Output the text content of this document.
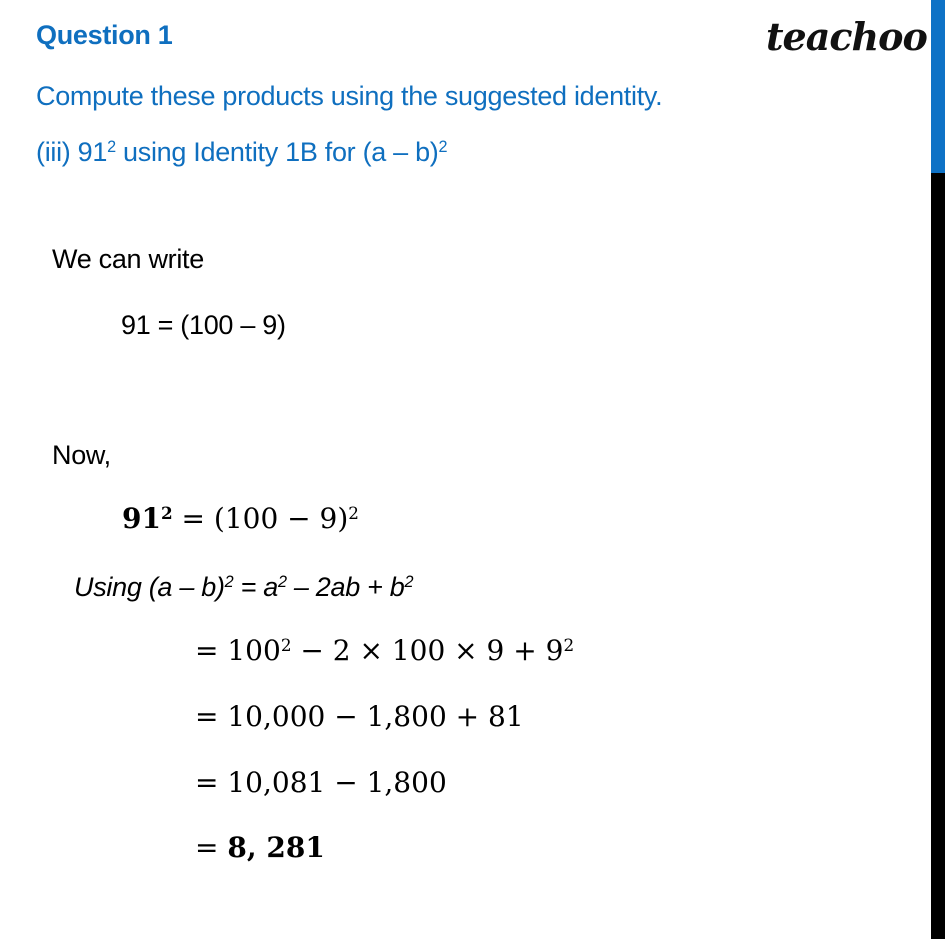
Question 1	teachoo
Compute these products using the suggested identity.
(iii) $91^2$ using Identity 1B for (a – b)$^2$
We can write
91 = (100 – 9)
Now,
$91^2 = (100 - 9)^2$
Using $(a - b)^2 = a^2 - 2ab + b^2$
= $100^2 - 2 \times 100 \times 9 + 9^2$
= 10,000 − 1,800 + 81
= 10,081 − 1,800
= 8, 281
